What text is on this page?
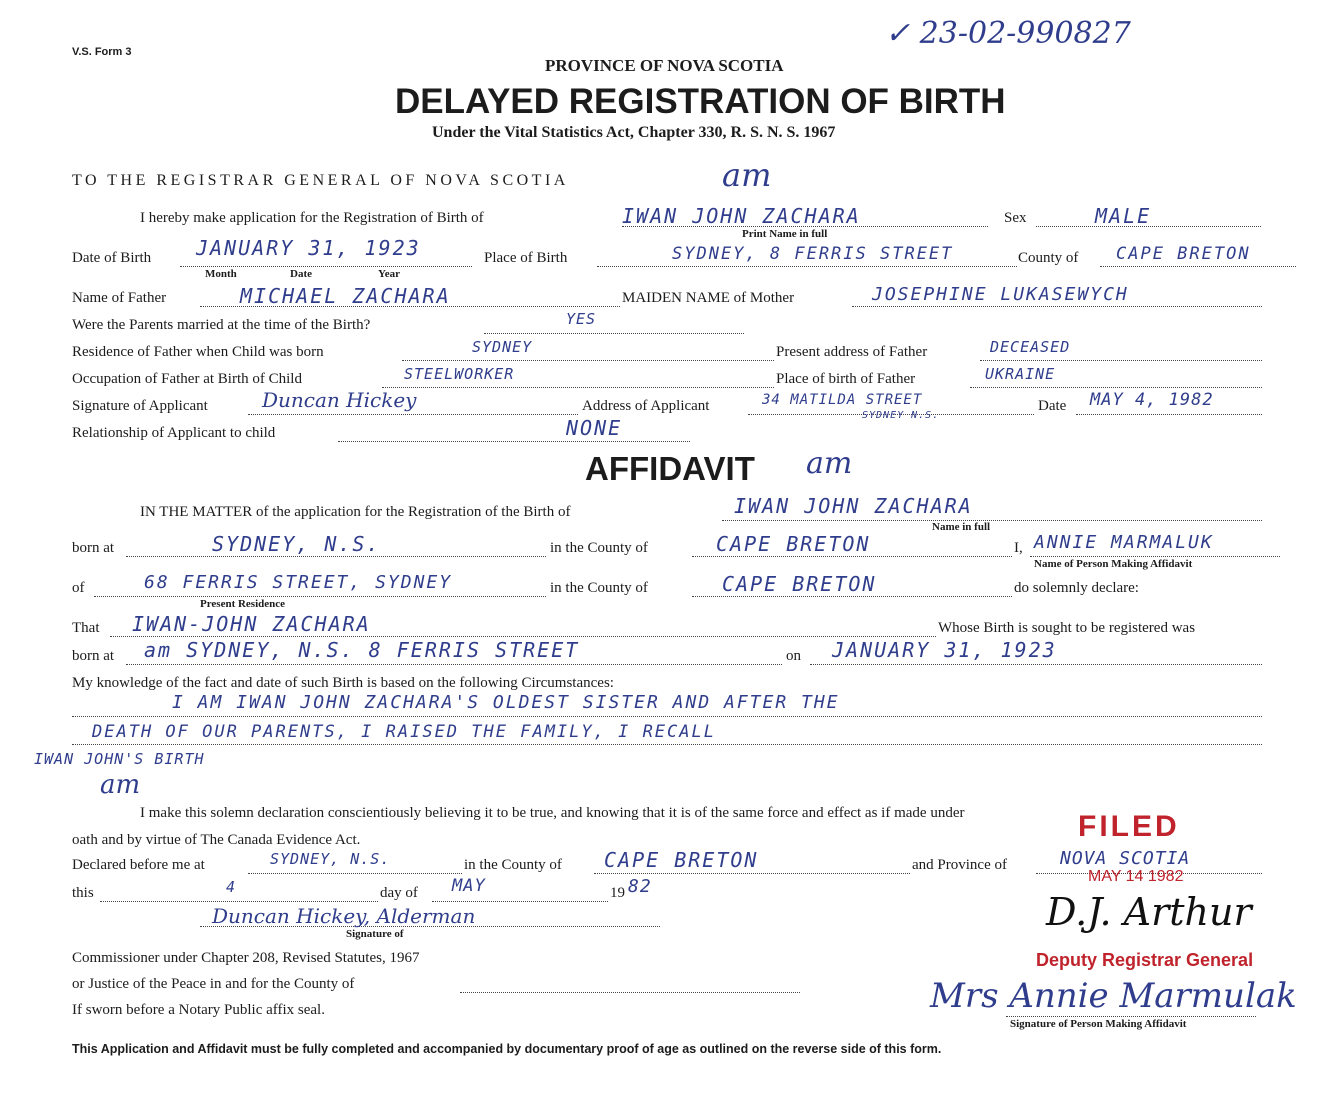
V.S. Form 3
✓ 23-02-990827
PROVINCE OF NOVA SCOTIA
DELAYED REGISTRATION OF BIRTH
Under the Vital Statistics Act, Chapter 330, R. S. N. S. 1967
TO THE REGISTRAR GENERAL OF NOVA SCOTIA	am
I hereby make application for the Registration of Birth of	IWAN JOHN ZACHARA
Print Name in full
Sex	MALE
Date of Birth JANUARY 31, 1923
Month	Date	Year
Place of Birth	SYDNEY, 8 FERRIS STREET	County of CAPE BRETON
Name of Father	MICHAEL ZACHARA	MAIDEN NAME of Mother	JOSEPHINE LUKASEWYCH
Were the Parents married at the time of the Birth?	YES
Residence of Father when Child was born	SYDNEY	Present address of Father	DECEASED
Occupation of Father at Birth of Child	STEELWORKER	Place of birth of Father	UKRAINE
Signature of Applicant	Duncan Hickey	Address of Applicant	34 MATILDA STREET
SYDNEY N.S.
Date MAY 4, 1982
Relationship of Applicant to child	NONE
AFFIDAVIT am
IN THE MATTER of the application for the Registration of the Birth of	IWAN JOHN ZACHARA
Name in full
born at	SYDNEY, N.S.	in the County of	CAPE BRETON	I, ANNIE MARMALUK
Name of Person Making Affidavit
of	68 FERRIS STREET, SYDNEY
Present Residence
in the County of	CAPE BRETON	do solemnly declare:
That IWAN-JOHN ZACHARA	Whose Birth is sought to be registered was
born at am SYDNEY, N.S. 8 FERRIS STREET	on JANUARY 31, 1923
My knowledge of the fact and date of such Birth is based on the following Circumstances:
I AM IWAN JOHN ZACHARA'S OLDEST SISTER AND AFTER THE
DEATH OF OUR PARENTS, I RAISED THE FAMILY, I RECALL
IWAN JOHN'S BIRTH
am
I make this solemn declaration conscientiously believing it to be true, and knowing that it is of the same force and effect as if made under
oath and by virtue of The Canada Evidence Act.
Declared before me at	SYDNEY, N.S.	in the County of CAPE BRETON	and Province of	NOVA SCOTIA
this	4	day of MAY	19 82
Duncan Hickey, Alderman
Signature of
Commissioner under Chapter 208, Revised Statutes, 1967
or Justice of the Peace in and for the County of
If sworn before a Notary Public affix seal.	Mrs Annie Marmulak
Signature of Person Making Affidavit
FILED
MAY 14 1982
D.J. Arthur
Deputy Registrar General
This Application and Affidavit must be fully completed and accompanied by documentary proof of age as outlined on the reverse side of this form.
